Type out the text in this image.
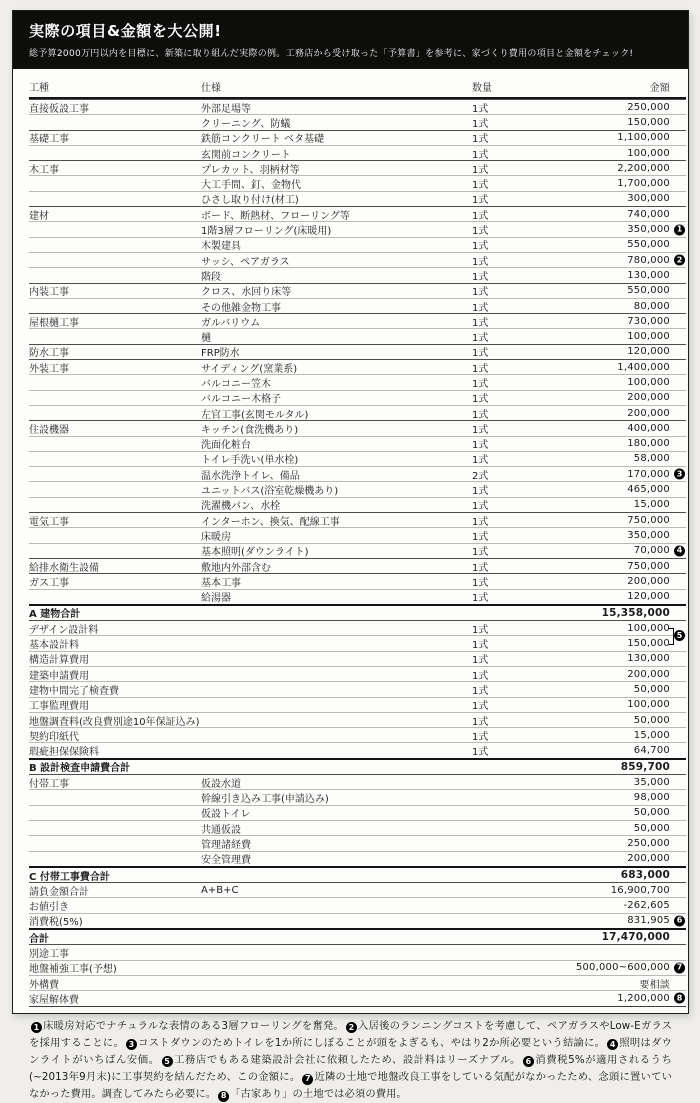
実際の項目&金額を大公開!

総予算2000万円以内を目標に、新築に取り組んだ実際の例。工務店から受け取った「予算書」を参考に、家づくり費用の項目と金額をチェック!

工種	仕様	数量	金額
直接仮設工事	外部足場等	1式	250,000
クリーニング、防蟻	1式	150,000
基礎工事	鉄筋コンクリート ベタ基礎	1式	1,100,000
玄関前コンクリート	1式	100,000
木工事	プレカット、羽柄材等	1式	2,200,000
大工手間、釘、金物代	1式	1,700,000
ひさし取り付け(材工)	1式	300,000
建材	ボード、断熱材、フローリング等	1式	740,000
1階3層フローリング(床暖用)	1式	350,000 1
木製建具	1式	550,000
サッシ、ペアガラス	1式	780,000 2
階段	1式	130,000
内装工事	クロス、水回り床等	1式	550,000
その他雑金物工事	1式	80,000
屋根樋工事	ガルバリウム	1式	730,000
樋	1式	100,000
防水工事	FRP防水	1式	120,000
外装工事	サイディング(窯業系)	1式	1,400,000
バルコニー笠木	1式	100,000
バルコニー木格子	1式	200,000
左官工事(玄関モルタル)	1式	200,000
住設機器	キッチン(食洗機あり)	1式	400,000
洗面化粧台	1式	180,000
トイレ手洗い(単水栓)	1式	58,000
温水洗浄トイレ、備品	2式	170,000 3
ユニットバス(浴室乾燥機あり)	1式	465,000
洗濯機パン、水栓	1式	15,000
電気工事	インターホン、換気、配線工事	1式	750,000
床暖房	1式	350,000
基本照明(ダウンライト)	1式	70,000 4
給排水衛生設備	敷地内外部含む	1式	750,000
ガス工事	基本工事	1式	200,000
給湯器	1式	120,000
A 建物合計	15,358,000
デザイン設計料	1式	100,000
5
基本設計料	1式	150,000
構造計算費用	1式	130,000
建築申請費用	1式	200,000
建物中間完了検査費	1式	50,000
工事監理費用	1式	100,000
地盤調査料(改良費別途10年保証込み)	1式	50,000
契約印紙代	1式	15,000
瑕疵担保保険料	1式	64,700
B 設計検査申請費合計	859,700
付帯工事	仮設水道	35,000
幹線引き込み工事(申請込み)	98,000
仮設トイレ	50,000
共通仮設	50,000
管理諸経費	250,000
安全管理費	200,000
C 付帯工事費合計	683,000
請負金額合計	A+B+C	16,900,700
お値引き	-262,605
消費税(5%)	831,905 6
合計	17,470,000
別途工事
地盤補強工事(予想)	500,000~600,000 7
外構費	要相談
家屋解体費	1,200,000 8

1 床暖房対応でナチュラルな表情のある3層フローリングを奮発。 2 入居後のランニングコストを考慮して、ペアガラスやLow-Eガラスを採用することに。 3 コストダウンのためトイレを1か所にしぼることが頭をよぎるも、やはり2か所必要という結論に。 4 照明はダウンライトがいちばん安価。 5 工務店でもある建築設計会社に依頼したため、設計料はリーズナブル。 6 消費税5%が適用されるうち(~2013年9月末)に工事契約を結んだため、この金額に。 7 近隣の土地で地盤改良工事をしている気配がなかったため、念頭に置いていなかった費用。調査してみたら必要に。 8 「古家あり」の土地では必須の費用。
